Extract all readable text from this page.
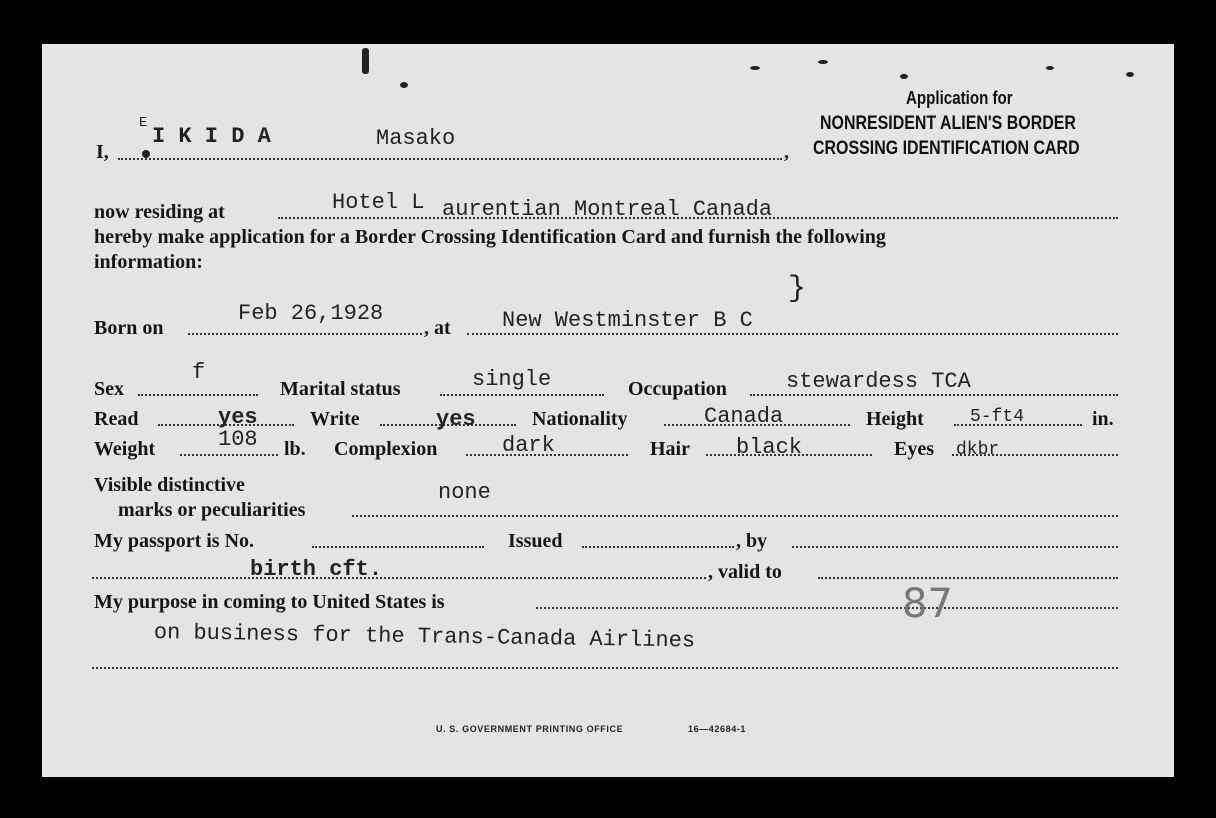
Application for
NONRESIDENT ALIEN'S BORDER
CROSSING IDENTIFICATION CARD
I,	,
E
I K I D A	Masako
now residing at	Hotel L aurentian Montreal Canada
hereby make application for a Border Crossing Identification Card and furnish the following
information:
Born on
Feb 26,1928
, at New Westminster B C
}
Sex
f
Marital status	single	Occupation	stewardess TCA
Read	yes	Write	yes	Nationality	Canada	Height	5-ft4	in.
Weight	108 lb. Complexion	dark	Hair black	Eyes dkbr
Visible distinctive
marks or peculiarities
none
My passport is No.	Issued	, by
birth cft.	, valid to
My purpose in coming to United States is	87
on business for the Trans-Canada Airlines
U. S. GOVERNMENT PRINTING OFFICE	16—42684-1
